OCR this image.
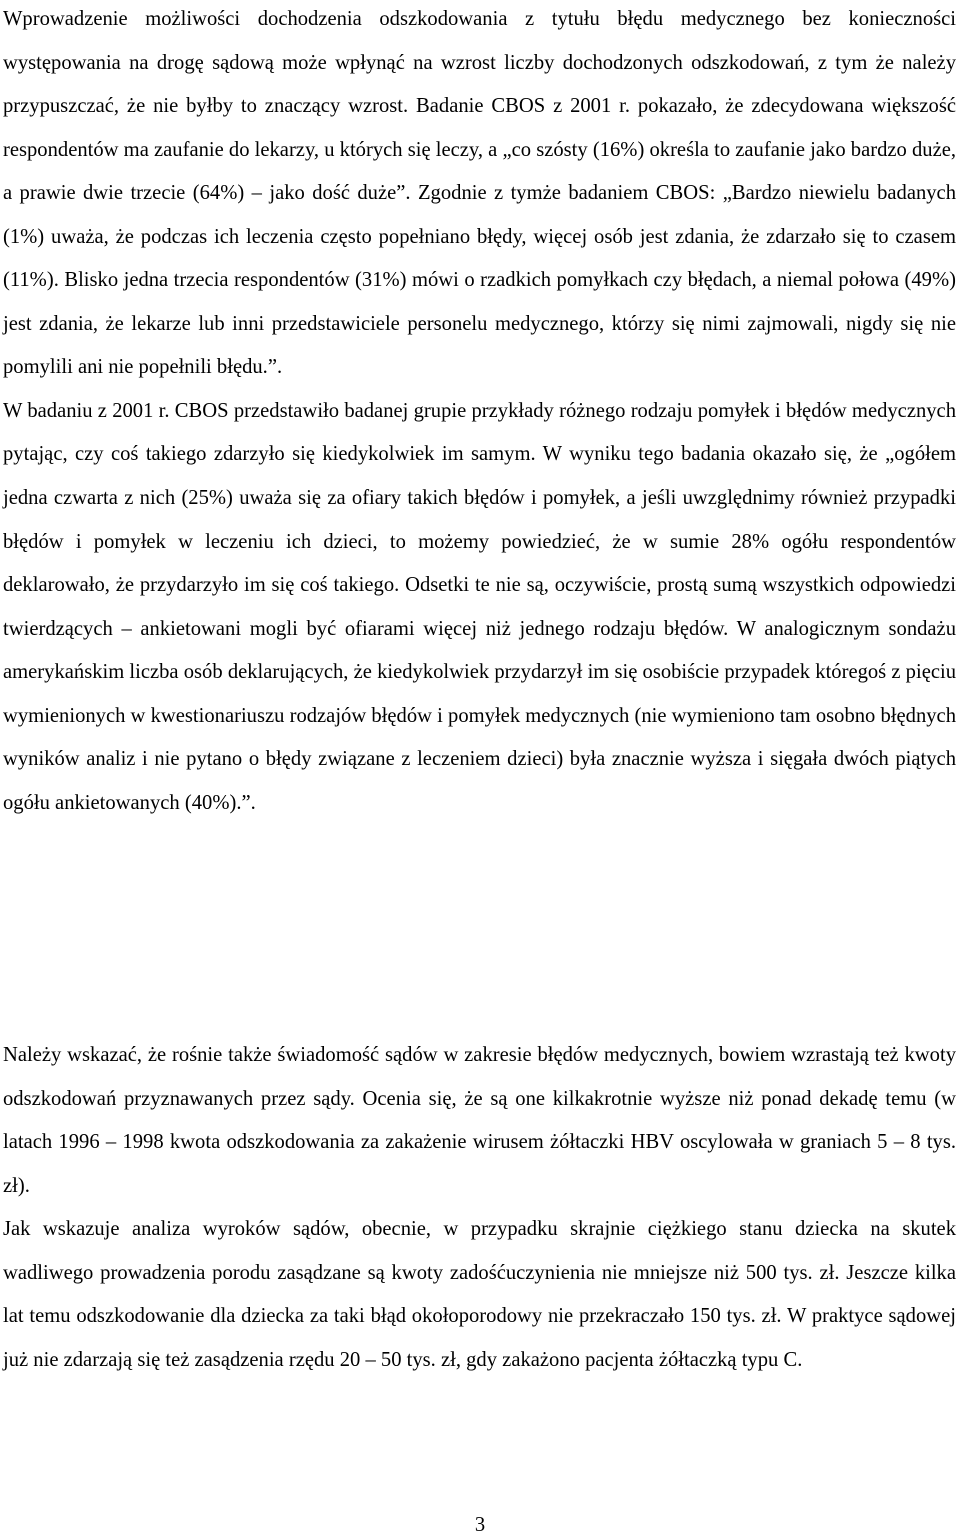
Wprowadzenie możliwości dochodzenia odszkodowania z tytułu błędu medycznego bez konieczności występowania na drogę sądową może wpłynąć na wzrost liczby dochodzonych odszkodowań, z tym że należy przypuszczać, że nie byłby to znaczący wzrost. Badanie CBOS z 2001 r. pokazało, że zdecydowana większość respondentów ma zaufanie do lekarzy, u których się leczy, a „co szósty (16%) określa to zaufanie jako bardzo duże, a prawie dwie trzecie (64%) – jako dość duże”. Zgodnie z tymże badaniem CBOS: „Bardzo niewielu badanych (1%) uważa, że podczas ich leczenia często popełniano błędy, więcej osób jest zdania, że zdarzało się to czasem (11%). Blisko jedna trzecia respondentów (31%) mówi o rzadkich pomyłkach czy błędach, a niemal połowa (49%) jest zdania, że lekarze lub inni przedstawiciele personelu medycznego, którzy się nimi zajmowali, nigdy się nie pomylili ani nie popełnili błędu.”.

W badaniu z 2001 r. CBOS przedstawiło badanej grupie przykłady różnego rodzaju pomyłek i błędów medycznych pytając, czy coś takiego zdarzyło się kiedykolwiek im samym. W wyniku tego badania okazało się, że „ogółem jedna czwarta z nich (25%) uważa się za ofiary takich błędów i pomyłek, a jeśli uwzględnimy również przypadki błędów i pomyłek w leczeniu ich dzieci, to możemy powiedzieć, że w sumie 28% ogółu respondentów deklarowało, że przydarzyło im się coś takiego. Odsetki te nie są, oczywiście, prostą sumą wszystkich odpowiedzi twierdzących – ankietowani mogli być ofiarami więcej niż jednego rodzaju błędów. W analogicznym sondażu amerykańskim liczba osób deklarujących, że kiedykolwiek przydarzył im się osobiście przypadek któregoś z pięciu wymienionych w kwestionariuszu rodzajów błędów i pomyłek medycznych (nie wymieniono tam osobno błędnych wyników analiz i nie pytano o błędy związane z leczeniem dzieci) była znacznie wyższa i sięgała dwóch piątych ogółu ankietowanych (40%).”.

Należy wskazać, że rośnie także świadomość sądów w zakresie błędów medycznych, bowiem wzrastają też kwoty odszkodowań przyznawanych przez sądy. Ocenia się, że są one kilkakrotnie wyższe niż ponad dekadę temu (w latach 1996 – 1998 kwota odszkodowania za zakażenie wirusem żółtaczki HBV oscylowała w graniach 5 – 8 tys. zł).

Jak wskazuje analiza wyroków sądów, obecnie, w przypadku skrajnie ciężkiego stanu dziecka na skutek wadliwego prowadzenia porodu zasądzane są kwoty zadośćuczynienia nie mniejsze niż 500 tys. zł. Jeszcze kilka lat temu odszkodowanie dla dziecka za taki błąd okołoporodowy nie przekraczało 150 tys. zł. W praktyce sądowej już nie zdarzają się też zasądzenia rzędu 20 – 50 tys. zł, gdy zakażono pacjenta żółtaczką typu C.

3
